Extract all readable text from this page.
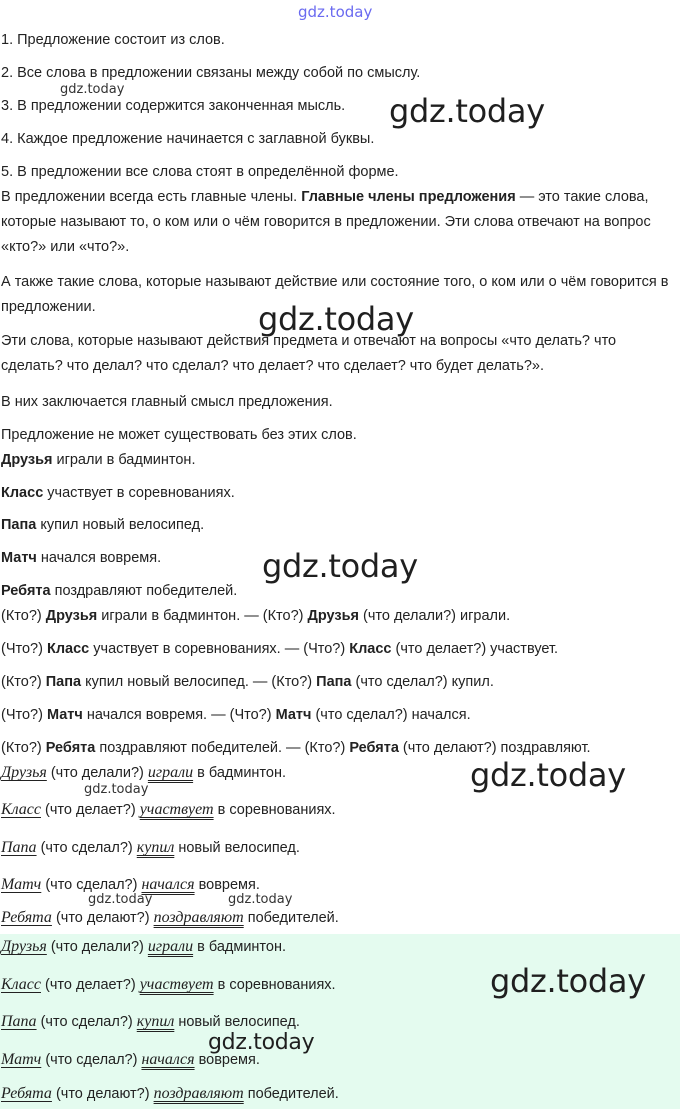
gdz.today
gdz.today
gdz.today
gdz.today
gdz.today
gdz.today
gdz.today
gdz.today	gdz.today
gdz.today
gdz.today
1. Предложение состоит из слов.
2. Все слова в предложении связаны между собой по смыслу.
3. В предложении содержится законченная мысль.
4. Каждое предложение начинается с заглавной буквы.
5. В предложении все слова стоят в определённой форме.
В предложении всегда есть главные члены. Главные члены предложения — это такие слова, которые называют то, о ком или о чём говорится в предложении. Эти слова отвечают на вопрос «кто?» или «что?».
А также такие слова, которые называют действие или состояние того, о ком или о чём говорится в предложении.
Эти слова, которые называют действия предмета и отвечают на вопросы «что делать? что сделать? что делал? что сделал? что делает? что сделает? что будет делать?».
В них заключается главный смысл предложения.
Предложение не может существовать без этих слов.
Друзья играли в бадминтон.
Класс участвует в соревнованиях.
Папа купил новый велосипед.
Матч начался вовремя.
Ребята поздравляют победителей.
(Кто?) Друзья играли в бадминтон. — (Кто?) Друзья (что делали?) играли.
(Что?) Класс участвует в соревнованиях. — (Что?) Класс (что делает?) участвует.
(Кто?) Папа купил новый велосипед. — (Кто?) Папа (что сделал?) купил.
(Что?) Матч начался вовремя. — (Что?) Матч (что сделал?) начался.
(Кто?) Ребята поздравляют победителей. — (Кто?) Ребята (что делают?) поздравляют.
Друзья (что делали?) играли в бадминтон.
Класс (что делает?) участвует в соревнованиях.
Папа (что сделал?) купил новый велосипед.
Матч (что сделал?) начался вовремя.
Ребята (что делают?) поздравляют победителей.
Друзья (что делали?) играли в бадминтон.
Класс (что делает?) участвует в соревнованиях.
Папа (что сделал?) купил новый велосипед.
Матч (что сделал?) начался вовремя.
Ребята (что делают?) поздравляют победителей.
